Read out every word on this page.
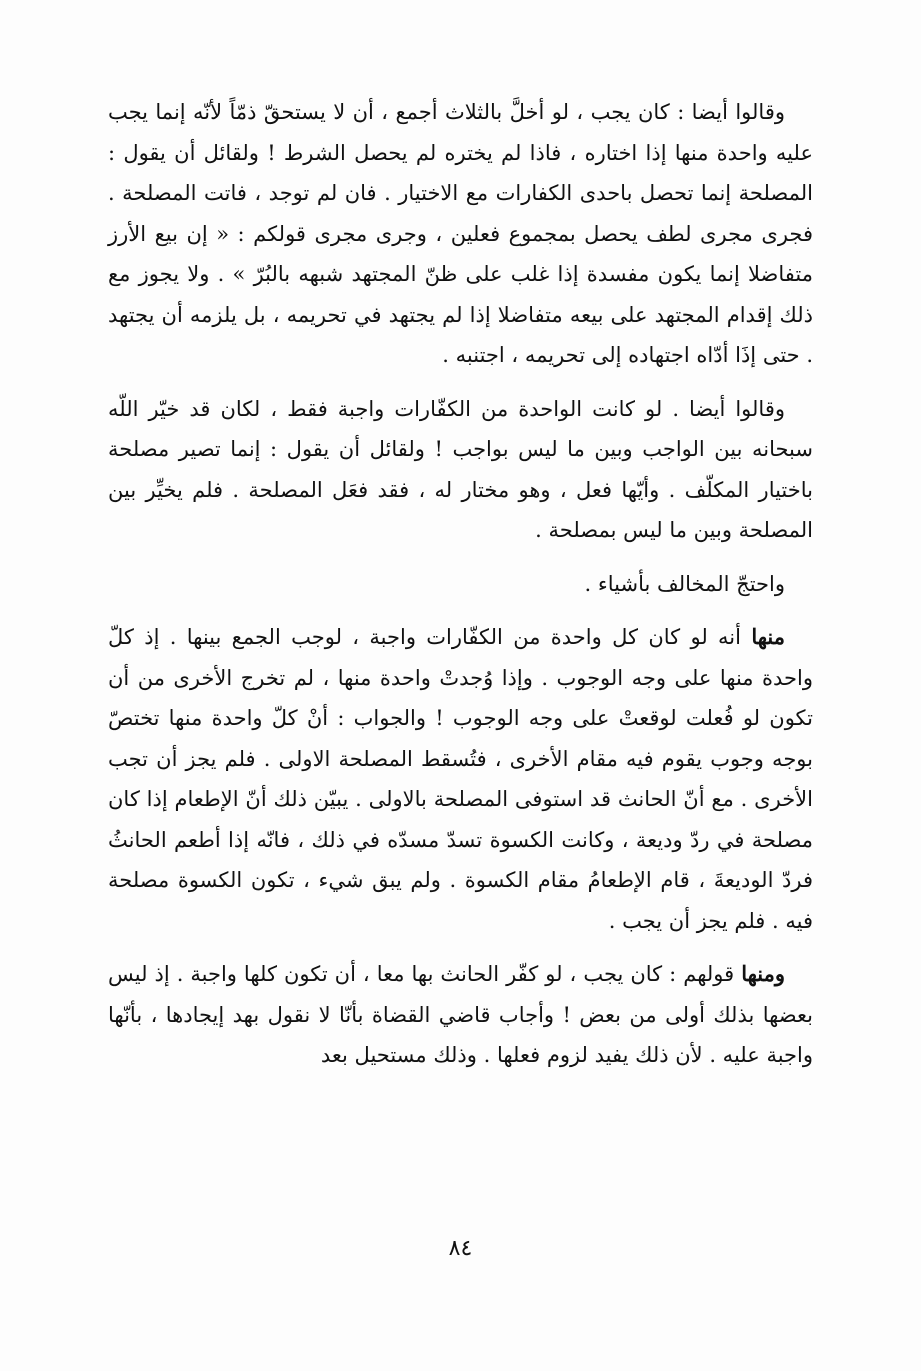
وقالوا أيضا : كان يجب ، لو أخلَّ بالثلاث أجمع ، أن لا يستحقّ ذمّاً لأنّه إنما يجب عليه واحدة منها إذا اختاره ، فاذا لم يختره لم يحصل الشرط ! ولقائل أن يقول : المصلحة إنما تحصل باحدى الكفارات مع الاختيار . فان لم توجد ، فاتت المصلحة . فجرى مجرى لطف يحصل بمجموع فعلين ، وجرى مجرى قولكم : « إن بيع الأرز متفاضلا إنما يكون مفسدة إذا غلب على ظنّ المجتهد شبهه بالبُرّ » . ولا يجوز مع ذلك إقدام المجتهد على بيعه متفاضلا إذا لم يجتهد في تحريمه ، بل يلزمه أن يجتهد . حتى إذَا أدّاه اجتهاده إلى تحريمه ، اجتنبه .

وقالوا أيضا . لو كانت الواحدة من الكفّارات واجبة فقط ، لكان قد خيّر اللّه سبحانه بين الواجب وبين ما ليس بواجب ! ولقائل أن يقول : إنما تصير مصلحة باختيار المكلّف . وأيّها فعل ، وهو مختار له ، فقد فعَل المصلحة . فلم يخيِّر بين المصلحة وبين ما ليس بمصلحة .

واحتجّ المخالف بأشياء .

منها أنه لو كان كل واحدة من الكفّارات واجبة ، لوجب الجمع بينها . إذ كلّ واحدة منها على وجه الوجوب . وإذا وُجدتْ واحدة منها ، لم تخرج الأخرى من أن تكون لو فُعلت لوقعتْ على وجه الوجوب ! والجواب : أنْ كلّ واحدة منها تختصّ بوجه وجوب يقوم فيه مقام الأخرى ، فتُسقط المصلحة الاولى . فلم يجز أن تجب الأخرى . مع أنّ الحانث قد استوفى المصلحة بالاولى . يبيّن ذلك أنّ الإطعام إذا كان مصلحة في ردّ وديعة ، وكانت الكسوة تسدّ مسدّه في ذلك ، فانّه إذا أطعم الحانثُ فردّ الوديعةَ ، قام الإطعامُ مقام الكسوة . ولم يبق شيء ، تكون الكسوة مصلحة فيه . فلم يجز أن يجب .

ومنها قولهم : كان يجب ، لو كفّر الحانث بها معا ، أن تكون كلها واجبة . إذ ليس بعضها بذلك أولى من بعض ! وأجاب قاضي القضاة بأنّا لا نقول بهد إيجادها ، بأنّها واجبة عليه . لأن ذلك يفيد لزوم فعلها . وذلك مستحيل بعد

٨٤
